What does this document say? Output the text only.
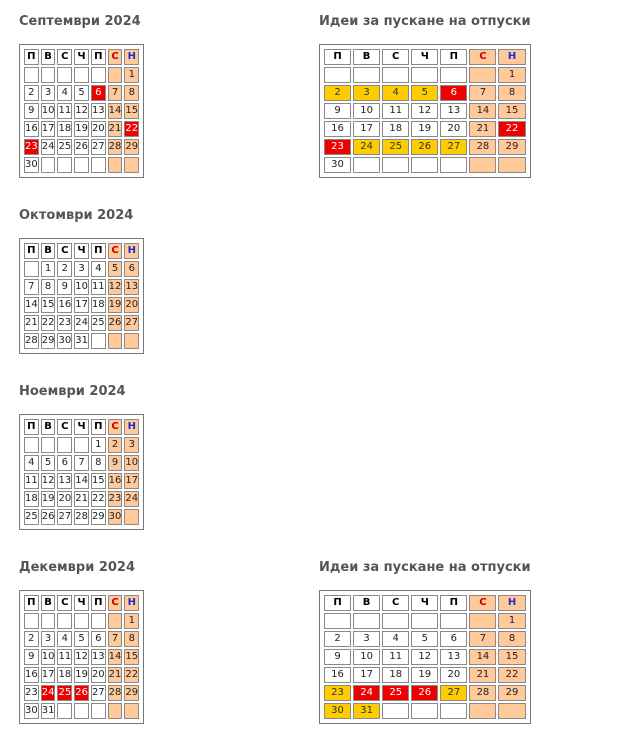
Септември 2024
П	В	С	Ч	П	С	Н
						1
2	3	4	5	6	7	8
9	10	11	12	13	14	15
16	17	18	19	20	21	22
23	24	25	26	27	28	29
30						
Идеи за пускане на отпуски
П	В	С	Ч	П	С	Н
						1
2	3	4	5	6	7	8
9	10	11	12	13	14	15
16	17	18	19	20	21	22
23	24	25	26	27	28	29
30						
Октомври 2024
П	В	С	Ч	П	С	Н
	1	2	3	4	5	6
7	8	9	10	11	12	13
14	15	16	17	18	19	20
21	22	23	24	25	26	27
28	29	30	31			
Ноември 2024
П	В	С	Ч	П	С	Н
				1	2	3
4	5	6	7	8	9	10
11	12	13	14	15	16	17
18	19	20	21	22	23	24
25	26	27	28	29	30	
Декември 2024
П	В	С	Ч	П	С	Н
						1
2	3	4	5	6	7	8
9	10	11	12	13	14	15
16	17	18	19	20	21	22
23	24	25	26	27	28	29
30	31					
Идеи за пускане на отпуски
П	В	С	Ч	П	С	Н
						1
2	3	4	5	6	7	8
9	10	11	12	13	14	15
16	17	18	19	20	21	22
23	24	25	26	27	28	29
30	31					
